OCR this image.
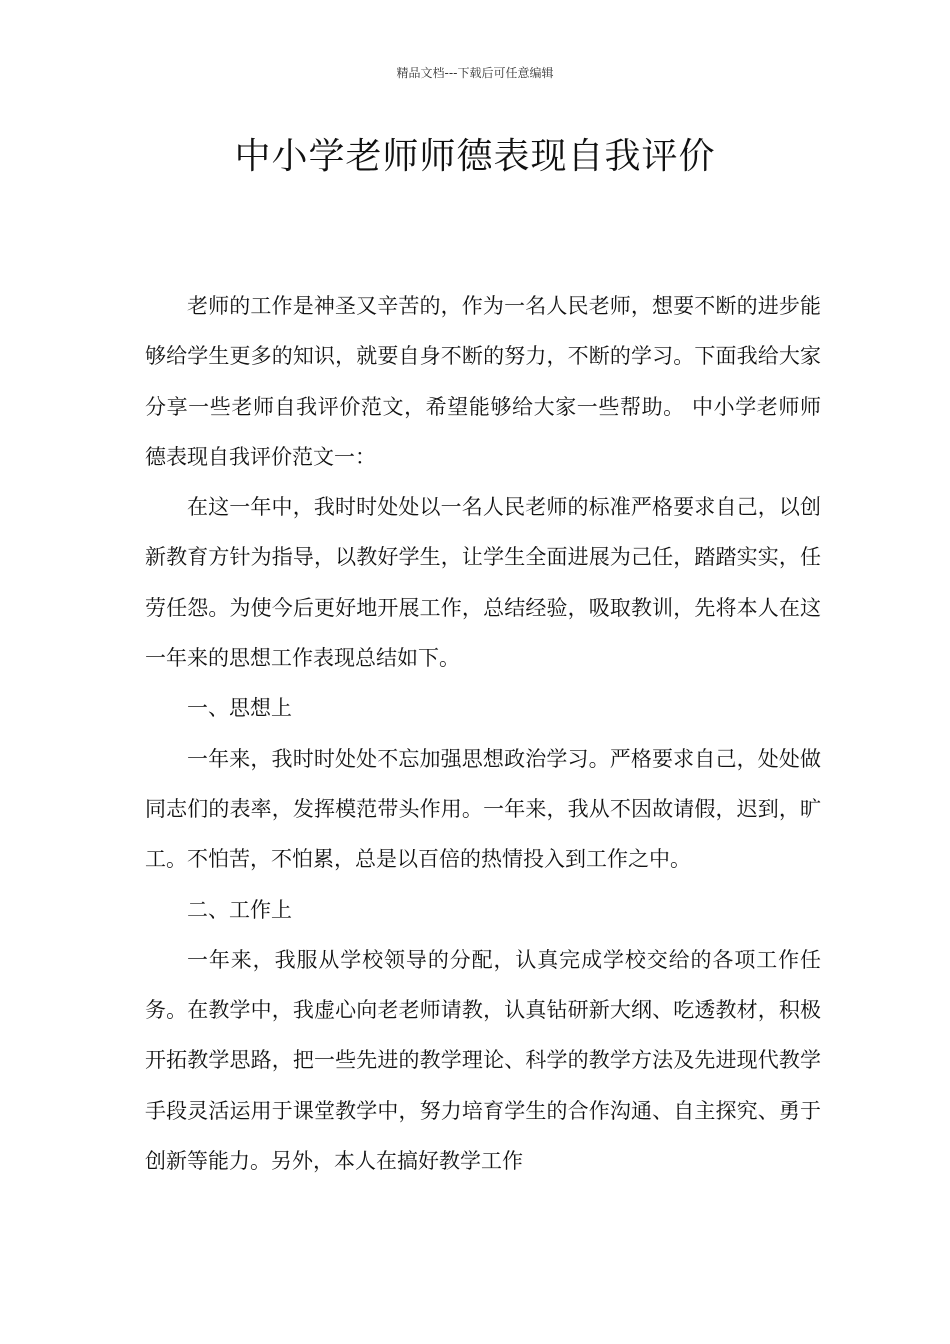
精品文档---下载后可任意编辑
中小学老师师德表现自我评价

老师的工作是神圣又辛苦的，作为一名人民老师，想要不断的进步能够给学生更多的知识，就要自身不断的努力，不断的学习。下面我给大家分享一些老师自我评价范文，希望能够给大家一些帮助。 中小学老师师德表现自我评价范文一：

在这一年中，我时时处处以一名人民老师的标准严格要求自己，以创新教育方针为指导，以教好学生，让学生全面进展为己任，踏踏实实，任劳任怨。为使今后更好地开展工作，总结经验，吸取教训，先将本人在这一年来的思想工作表现总结如下。

一、思想上

一年来，我时时处处不忘加强思想政治学习。严格要求自己，处处做同志们的表率，发挥模范带头作用。一年来，我从不因故请假，迟到，旷工。不怕苦，不怕累，总是以百倍的热情投入到工作之中。

二、工作上

一年来，我服从学校领导的分配，认真完成学校交给的各项工作任务。在教学中，我虚心向老老师请教，认真钻研新大纲、吃透教材，积极开拓教学思路，把一些先进的教学理论、科学的教学方法及先进现代教学手段灵活运用于课堂教学中，努力培育学生的合作沟通、自主探究、勇于创新等能力。另外，本人在搞好教学工作
